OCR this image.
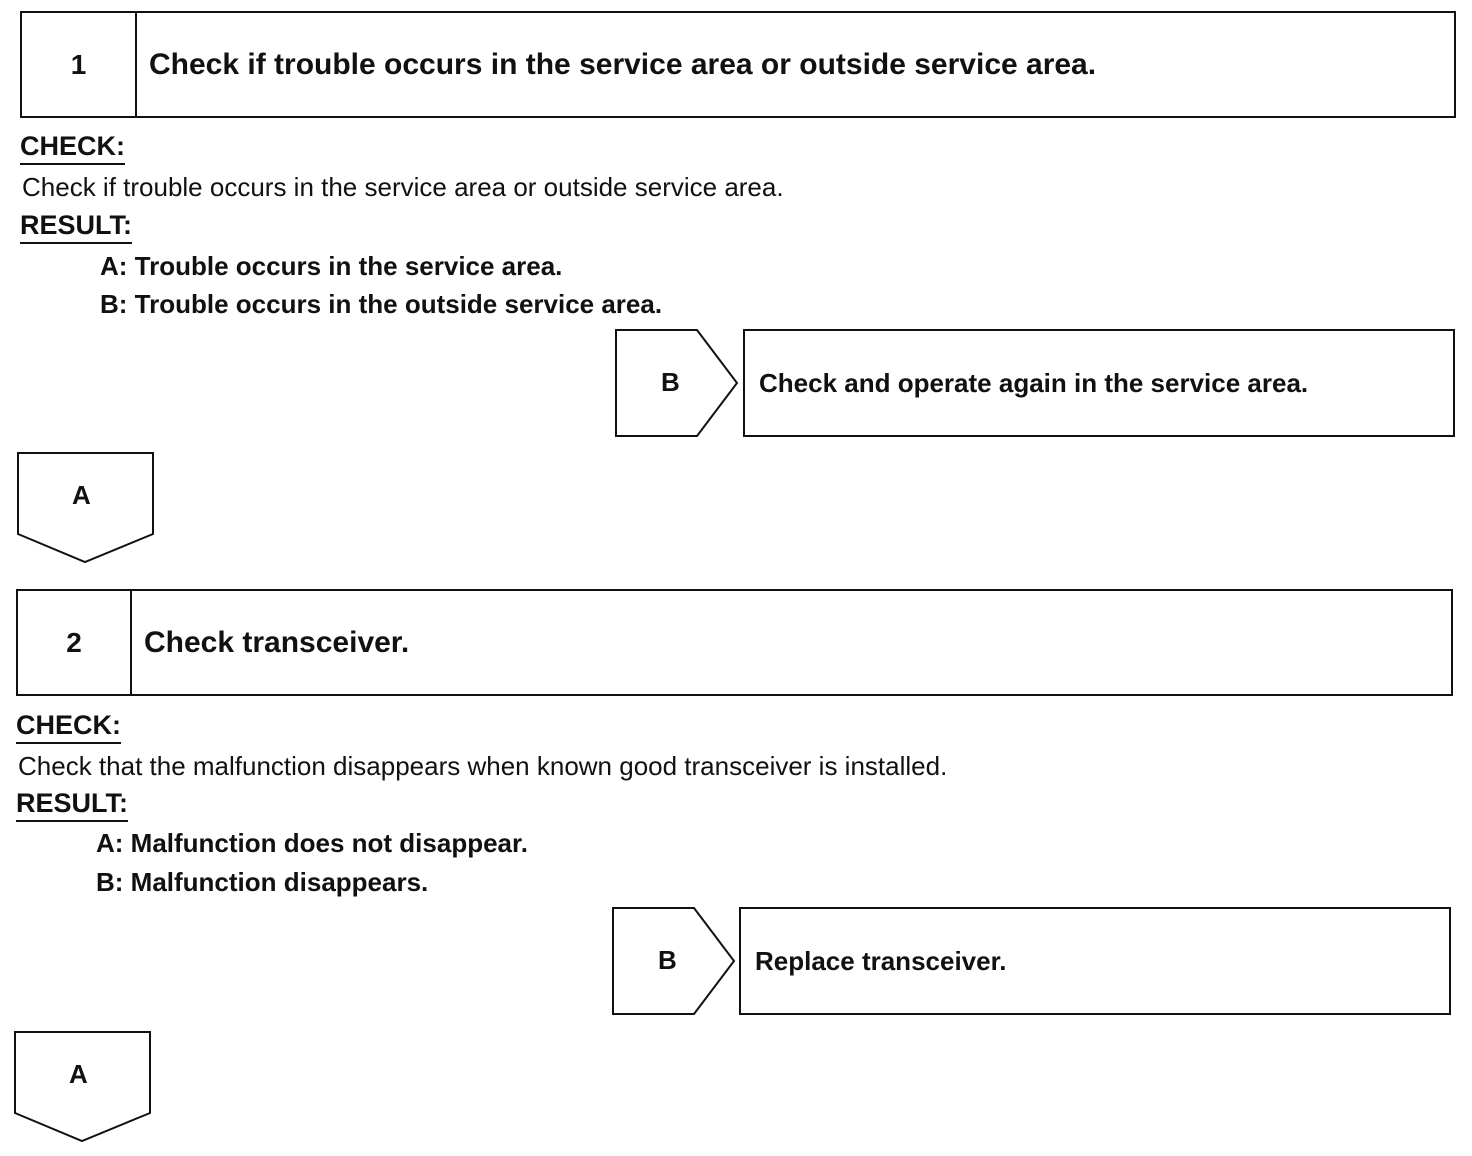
1	Check if trouble occurs in the service area or outside service area.
CHECK:
Check if trouble occurs in the service area or outside service area.
RESULT:
A: Trouble occurs in the service area.
B: Trouble occurs in the outside service area.
B	Check and operate again in the service area.
A
2	Check transceiver.
CHECK:
Check that the malfunction disappears when known good transceiver is installed.
RESULT:
A: Malfunction does not disappear.
B: Malfunction disappears.
B	Replace transceiver.
A
